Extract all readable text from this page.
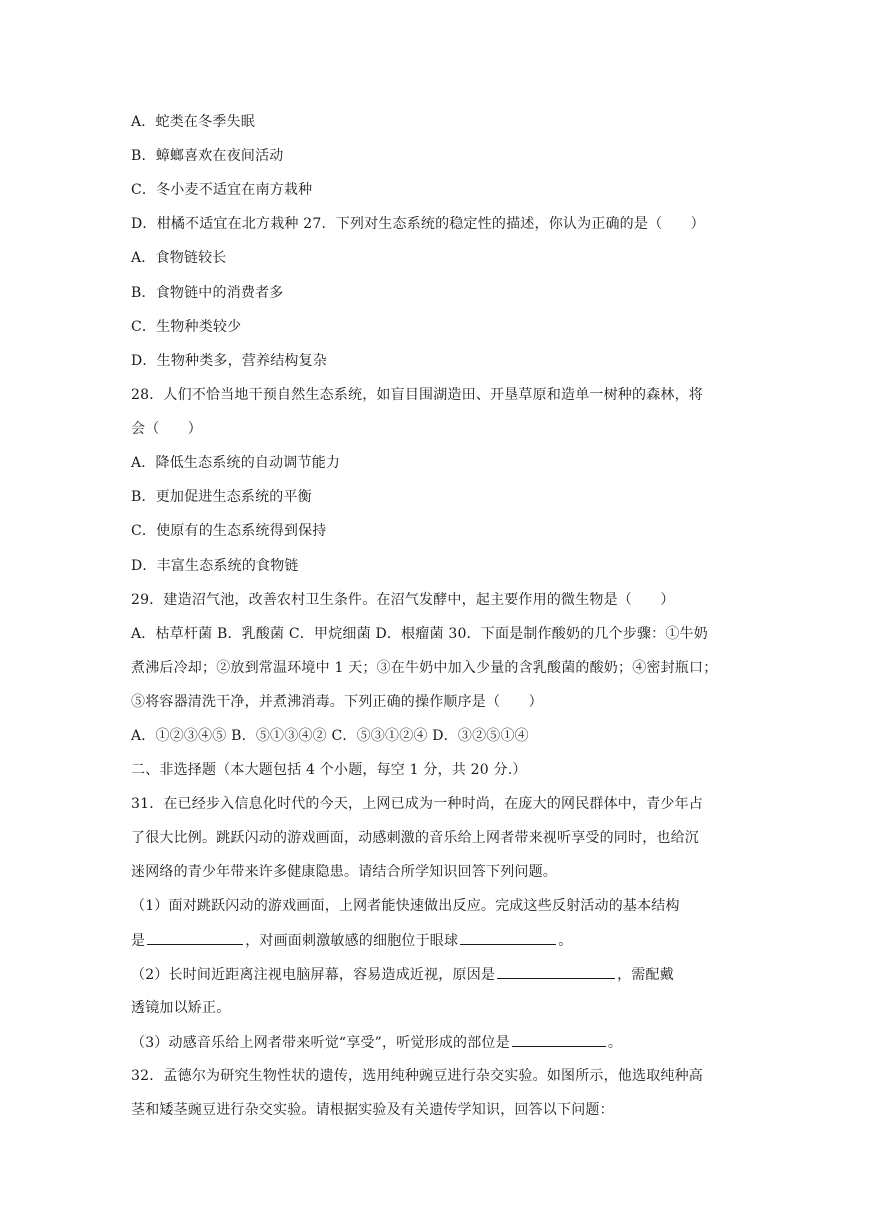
A．蛇类在冬季失眠
B．蟑螂喜欢在夜间活动
C．冬小麦不适宜在南方栽种
D．柑橘不适宜在北方栽种 27．下列对生态系统的稳定性的描述，你认为正确的是（　　）
A．食物链较长
B．食物链中的消费者多
C．生物种类较少
D．生物种类多，营养结构复杂
28．人们不恰当地干预自然生态系统，如盲目围湖造田、开垦草原和造单一树种的森林，将
会（　　）
A．降低生态系统的自动调节能力
B．更加促进生态系统的平衡
C．使原有的生态系统得到保持
D．丰富生态系统的食物链
29．建造沼气池，改善农村卫生条件。在沼气发酵中，起主要作用的微生物是（　　）
A．枯草杆菌 B．乳酸菌 C．甲烷细菌 D．根瘤菌 30．下面是制作酸奶的几个步骤：①牛奶
煮沸后冷却；②放到常温环境中 1 天；③在牛奶中加入少量的含乳酸菌的酸奶；④密封瓶口；
⑤将容器清洗干净，并煮沸消毒。下列正确的操作顺序是（　　）
A．①②③④⑤ B．⑤①③④② C．⑤③①②④ D．③②⑤①④
二、非选择题（本大题包括 4 个小题，每空 1 分，共 20 分.）
31．在已经步入信息化时代的今天，上网已成为一种时尚，在庞大的网民群体中，青少年占
了很大比例。跳跃闪动的游戏画面，动感刺激的音乐给上网者带来视听享受的同时，也给沉
迷网络的青少年带来许多健康隐患。请结合所学知识回答下列问题。
（1）面对跳跃闪动的游戏画面，上网者能快速做出反应。完成这些反射活动的基本结构
是	，对画面刺激敏感的细胞位于眼球	。
（2）长时间近距离注视电脑屏幕，容易造成近视，原因是	，需配戴
透镜加以矫正。
（3）动感音乐给上网者带来听觉“享受”，听觉形成的部位是	。
32．孟德尔为研究生物性状的遗传，选用纯种豌豆进行杂交实验。如图所示，他选取纯种高
茎和矮茎豌豆进行杂交实验。请根据实验及有关遗传学知识，回答以下问题：
